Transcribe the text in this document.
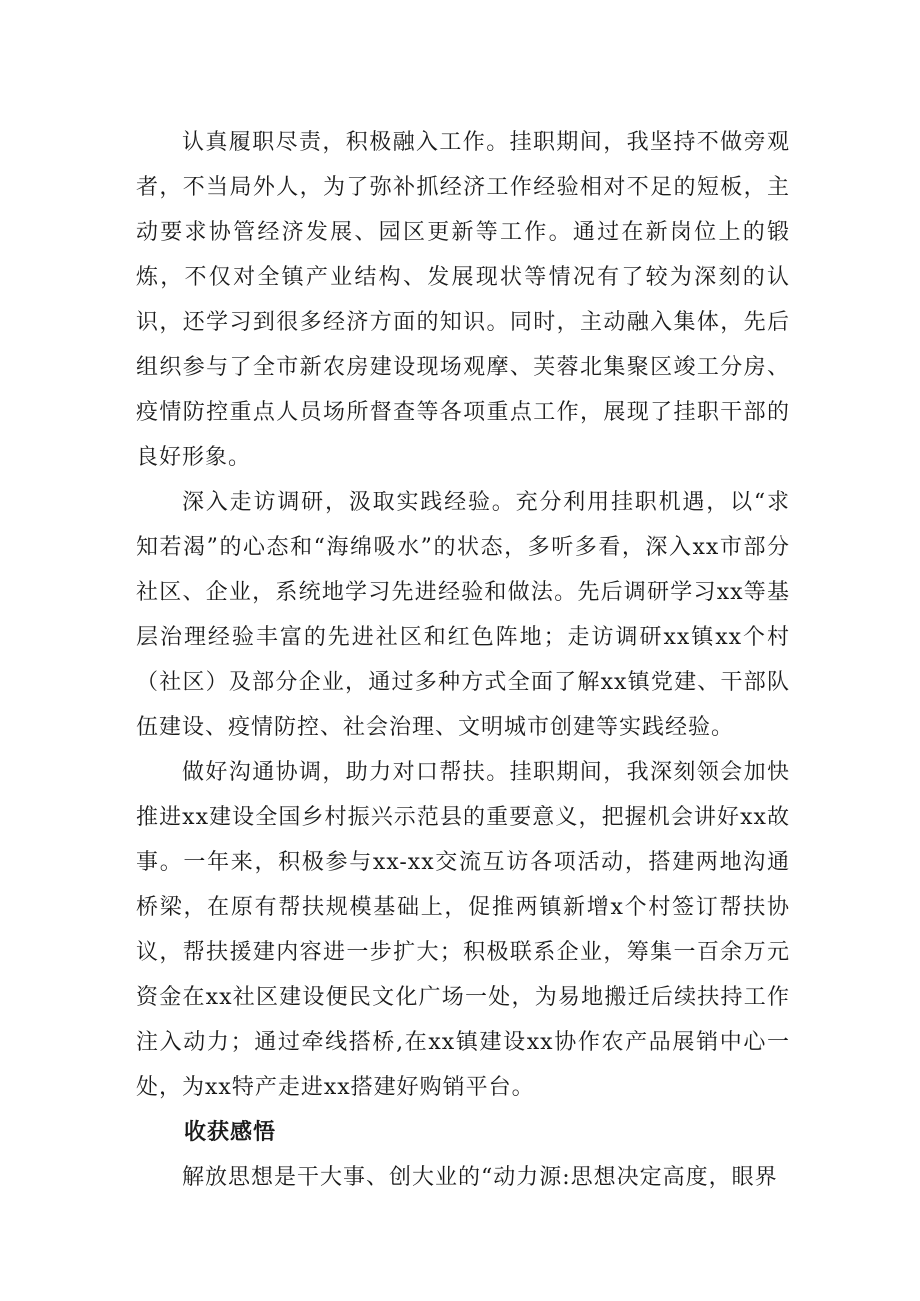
认真履职尽责，积极融入工作。挂职期间，我坚持不做旁观者，不当局外人，为了弥补抓经济工作经验相对不足的短板，主动要求协管经济发展、园区更新等工作。通过在新岗位上的锻炼，不仅对全镇产业结构、发展现状等情况有了较为深刻的认识，还学习到很多经济方面的知识。同时，主动融入集体，先后组织参与了全市新农房建设现场观摩、芙蓉北集聚区竣工分房、疫情防控重点人员场所督查等各项重点工作，展现了挂职干部的良好形象。

深入走访调研，汲取实践经验。充分利用挂职机遇，以“求知若渴”的心态和“海绵吸水”的状态，多听多看，深入xx市部分社区、企业，系统地学习先进经验和做法。先后调研学习xx等基层治理经验丰富的先进社区和红色阵地；走访调研xx镇xx个村（社区）及部分企业，通过多种方式全面了解xx镇党建、干部队伍建设、疫情防控、社会治理、文明城市创建等实践经验。

做好沟通协调，助力对口帮扶。挂职期间，我深刻领会加快推进xx建设全国乡村振兴示范县的重要意义，把握机会讲好xx故事。一年来，积极参与xx-xx交流互访各项活动，搭建两地沟通桥梁，在原有帮扶规模基础上，促推两镇新增x个村签订帮扶协议，帮扶援建内容进一步扩大；积极联系企业，筹集一百余万元资金在xx社区建设便民文化广场一处，为易地搬迁后续扶持工作注入动力；通过牵线搭桥,在xx镇建设xx协作农产品展销中心一处，为xx特产走进xx搭建好购销平台。

收获感悟

解放思想是干大事、创大业的“动力源:思想决定高度，眼界
